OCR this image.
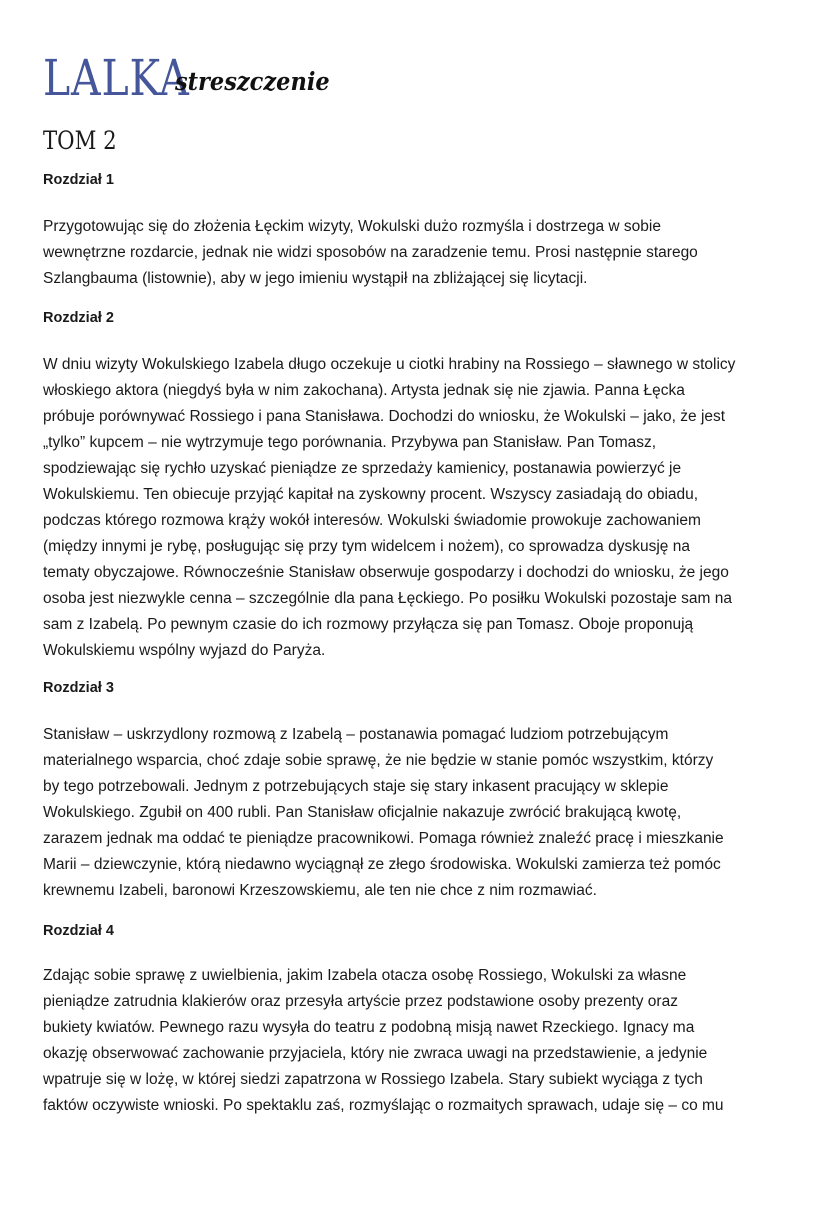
LALKA
streszczenie
TOM 2
Rozdział 1
Przygotowując się do złożenia Łęckim wizyty, Wokulski dużo rozmyśla i dostrzega w sobie
wewnętrzne rozdarcie, jednak nie widzi sposobów na zaradzenie temu. Prosi następnie starego
Szlangbauma (listownie), aby w jego imieniu wystąpił na zbliżającej się licytacji.
Rozdział 2
W dniu wizyty Wokulskiego Izabela długo oczekuje u ciotki hrabiny na Rossiego – sławnego w stolicy
włoskiego aktora (niegdyś była w nim zakochana). Artysta jednak się nie zjawia. Panna Łęcka
próbuje porównywać Rossiego i pana Stanisława. Dochodzi do wniosku, że Wokulski – jako, że jest
„tylko” kupcem – nie wytrzymuje tego porównania. Przybywa pan Stanisław. Pan Tomasz,
spodziewając się rychło uzyskać pieniądze ze sprzedaży kamienicy, postanawia powierzyć je
Wokulskiemu. Ten obiecuje przyjąć kapitał na zyskowny procent. Wszyscy zasiadają do obiadu,
podczas którego rozmowa krąży wokół interesów. Wokulski świadomie prowokuje zachowaniem
(między innymi je rybę, posługując się przy tym widelcem i nożem), co sprowadza dyskusję na
tematy obyczajowe. Równocześnie Stanisław obserwuje gospodarzy i dochodzi do wniosku, że jego
osoba jest niezwykle cenna – szczególnie dla pana Łęckiego. Po posiłku Wokulski pozostaje sam na
sam z Izabelą. Po pewnym czasie do ich rozmowy przyłącza się pan Tomasz. Oboje proponują
Wokulskiemu wspólny wyjazd do Paryża.
Rozdział 3
Stanisław – uskrzydlony rozmową z Izabelą – postanawia pomagać ludziom potrzebującym
materialnego wsparcia, choć zdaje sobie sprawę, że nie będzie w stanie pomóc wszystkim, którzy
by tego potrzebowali. Jednym z potrzebujących staje się stary inkasent pracujący w sklepie
Wokulskiego. Zgubił on 400 rubli. Pan Stanisław oficjalnie nakazuje zwrócić brakującą kwotę,
zarazem jednak ma oddać te pieniądze pracownikowi. Pomaga również znaleźć pracę i mieszkanie
Marii – dziewczynie, którą niedawno wyciągnął ze złego środowiska. Wokulski zamierza też pomóc
krewnemu Izabeli, baronowi Krzeszowskiemu, ale ten nie chce z nim rozmawiać.
Rozdział 4
Zdając sobie sprawę z uwielbienia, jakim Izabela otacza osobę Rossiego, Wokulski za własne
pieniądze zatrudnia klakierów oraz przesyła artyście przez podstawione osoby prezenty oraz
bukiety kwiatów. Pewnego razu wysyła do teatru z podobną misją nawet Rzeckiego. Ignacy ma
okazję obserwować zachowanie przyjaciela, który nie zwraca uwagi na przedstawienie, a jedynie
wpatruje się w lożę, w której siedzi zapatrzona w Rossiego Izabela. Stary subiekt wyciąga z tych
faktów oczywiste wnioski. Po spektaklu zaś, rozmyślając o rozmaitych sprawach, udaje się – co mu
